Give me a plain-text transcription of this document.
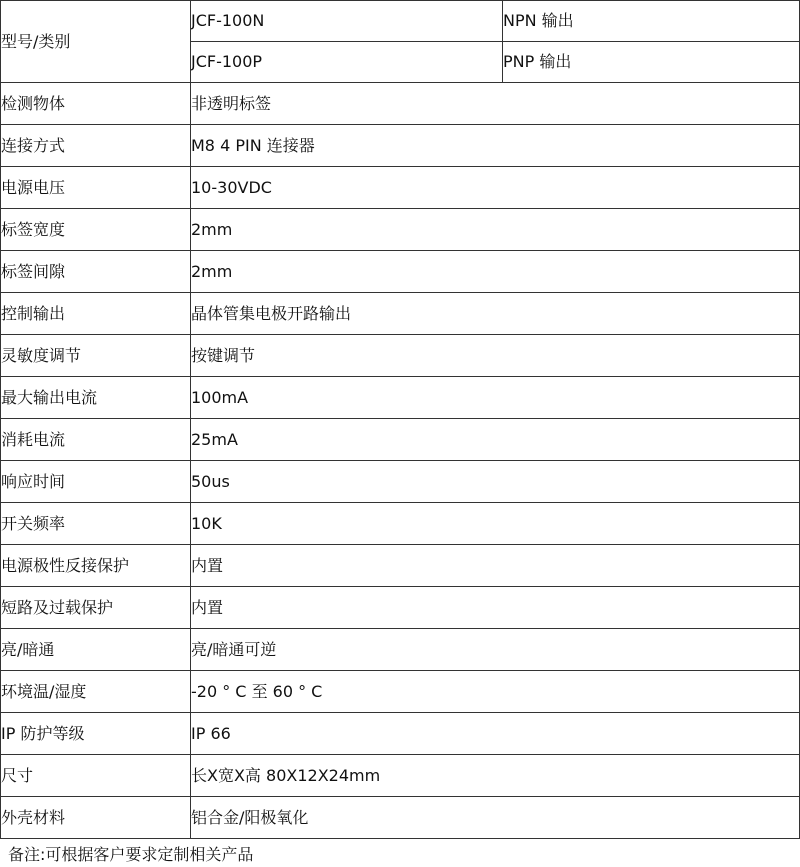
型号/类别	JCF-100N	NPN 输出
	JCF-100P	PNP 输出
检测物体	非透明标签	
连接方式	M8 4 PIN 连接器	
电源电压	10-30VDC	
标签宽度	2mm	
标签间隙	2mm	
控制输出	晶体管集电极开路输出	
灵敏度调节	按键调节	
最大输出电流	100mA	
消耗电流	25mA	
响应时间	50us	
开关频率	10K	
电源极性反接保护	内置	
短路及过载保护	内置	
亮/暗通	亮/暗通可逆	
环境温/湿度	-20 ° C 至 60 ° C	
IP 防护等级	IP 66	
尺寸	长X宽X高 80X12X24mm	
外壳材料	铝合金/阳极氧化	
备注:可根据客户要求定制相关产品
